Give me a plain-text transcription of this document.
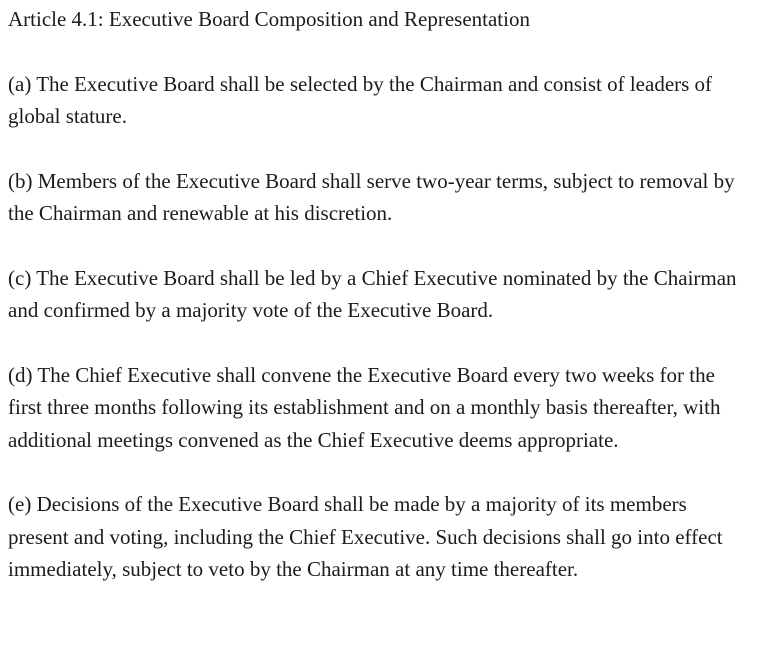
Article 4.1: Executive Board Composition and Representation

(a) The Executive Board shall be selected by the Chairman and consist of leaders of global stature.

(b) Members of the Executive Board shall serve two-year terms, subject to removal by the Chairman and renewable at his discretion.

(c) The Executive Board shall be led by a Chief Executive nominated by the Chairman and confirmed by a majority vote of the Executive Board.

(d) The Chief Executive shall convene the Executive Board every two weeks for the first three months following its establishment and on a monthly basis thereafter, with additional meetings convened as the Chief Executive deems appropriate.

(e) Decisions of the Executive Board shall be made by a majority of its members present and voting, including the Chief Executive. Such decisions shall go into effect immediately, subject to veto by the Chairman at any time thereafter.
